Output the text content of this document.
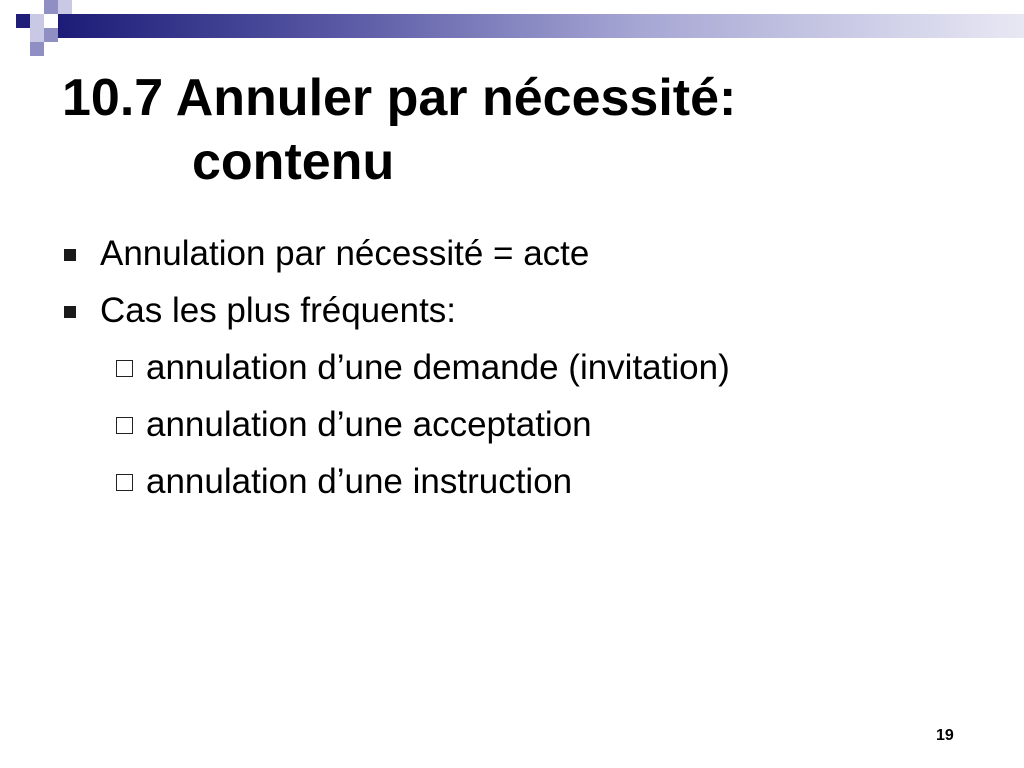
10.7 Annuler par nécessité:
contenu
Annulation par nécessité = acte
Cas les plus fréquents:
annulation d’une demande (invitation)
annulation d’une acceptation
annulation d’une instruction
19
